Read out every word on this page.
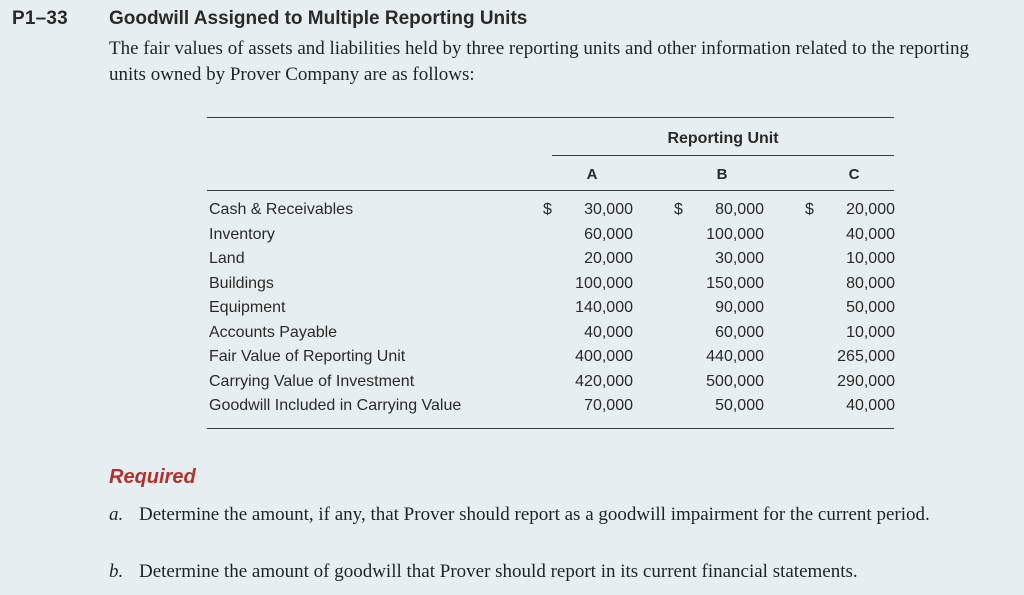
P1–33 Goodwill Assigned to Multiple Reporting Units
The fair values of assets and liabilities held by three reporting units and other information related to the reporting units owned by Prover Company are as follows:
Reporting Unit
A	B	C
Cash & Receivables	$ 30,000	$ 80,000	$ 20,000
Inventory	60,000	100,000	40,000
Land	20,000	30,000	10,000
Buildings	100,000	150,000	80,000
Equipment	140,000	90,000	50,000
Accounts Payable	40,000	60,000	10,000
Fair Value of Reporting Unit	400,000	440,000	265,000
Carrying Value of Investment	420,000	500,000	290,000
Goodwill Included in Carrying Value	70,000	50,000	40,000
Required
a. Determine the amount, if any, that Prover should report as a goodwill impairment for the current period.
b. Determine the amount of goodwill that Prover should report in its current financial statements.
